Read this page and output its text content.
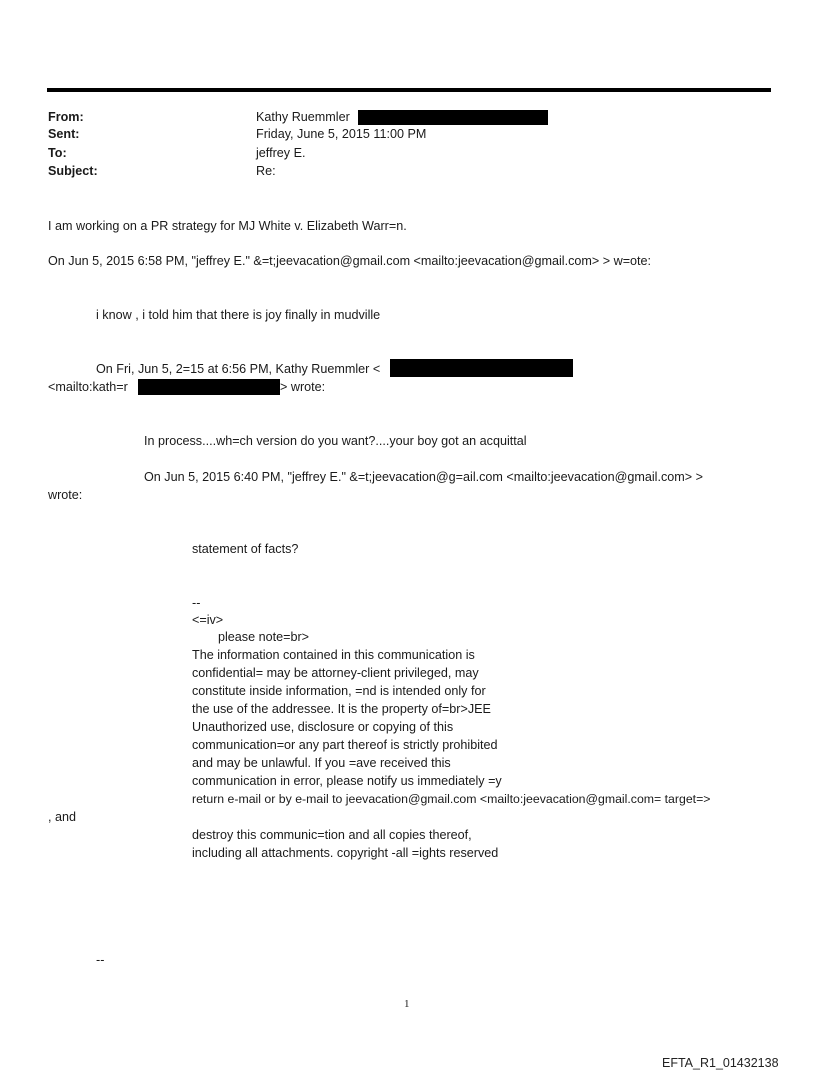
From:	Kathy Ruemmler
Sent:	Friday, June 5, 2015 11:00 PM
To:	jeffrey E.
Subject:	Re:
I am working on a PR strategy for MJ White v. Elizabeth Warr=n.
On Jun 5, 2015 6:58 PM, "jeffrey E." &=t;jeevacation@gmail.com <mailto:jeevacation@gmail.com> > w=ote:
i know , i told him that there is joy finally in mudville
On Fri, Jun 5, 2=15 at 6:56 PM, Kathy Ruemmler <
<mailto:kath=r	> wrote:
In process....wh=ch version do you want?....your boy got an acquittal
On Jun 5, 2015 6:40 PM, "jeffrey E." &=t;jeevacation@g=ail.com <mailto:jeevacation@gmail.com> >
wrote:
statement of facts?
--
<=iv>
please note=br>
The information contained in this communication is
confidential= may be attorney-client privileged, may
constitute inside information, =nd is intended only for
the use of the addressee. It is the property of=br>JEE
Unauthorized use, disclosure or copying of this
communication=or any part thereof is strictly prohibited
and may be unlawful. If you =ave received this
communication in error, please notify us immediately =y
return e-mail or by e-mail to jeevacation@gmail.com <mailto:jeevacation@gmail.com= target=>
, and
destroy this communic=tion and all copies thereof,
including all attachments. copyright -all =ights reserved
--
1
EFTA_R1_01432138
